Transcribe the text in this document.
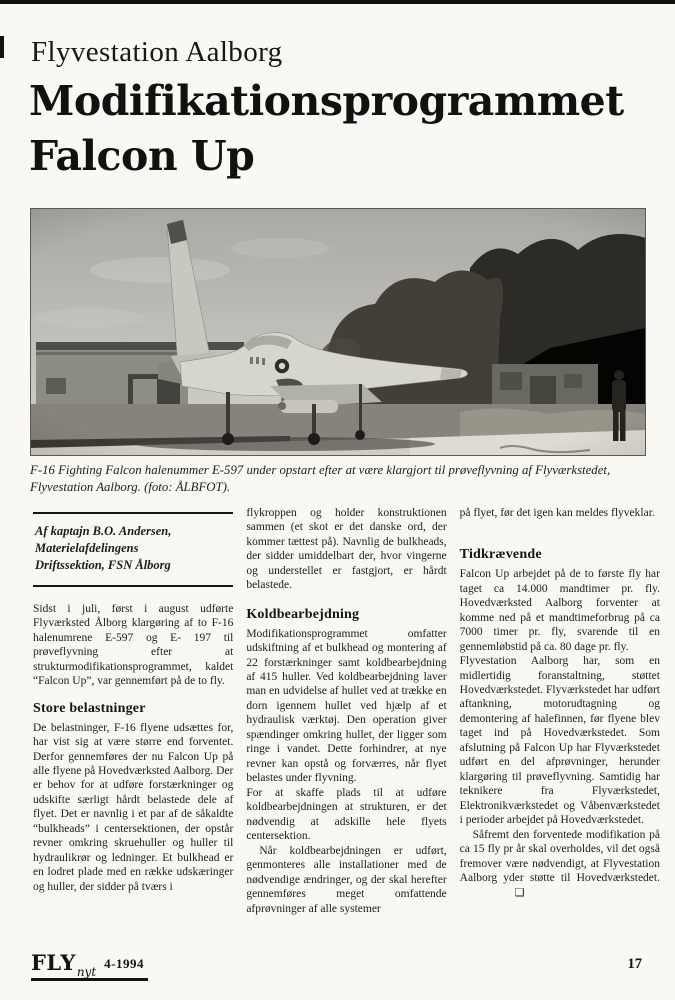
Flyvestation Aalborg
Modifikationsprogrammet
Falcon Up
F-16 Fighting Falcon halenummer E-597 under opstart efter at være klargjort til prøveflyvning af Flyværkstedet, Flyvestation Aalborg. (foto: ÅLBFOT).
Af kaptajn B.O. Andersen,
Materielafdelingens
Driftssektion, FSN Ålborg

Sidst i juli, først i august udførte Flyværksted Ålborg klargøring af to F-16 halenumrene E-597 og E- 197 til prøveflyvning efter at strukturmodifikationsprogrammet, kaldet “Falcon Up”, var gennemført på de to fly.

Store belastninger

De belastninger, F-16 flyene udsættes for, har vist sig at være større end forventet. Derfor gennemføres der nu Falcon Up på alle flyene på Hovedværksted Aalborg. Der er behov for at udføre forstærkninger og udskifte særligt hårdt belastede dele af flyet. Det er navnlig i et par af de såkaldte “bulkheads” i centersektionen, der opstår revner omkring skruehuller og huller til hydraulikrør og ledninger. Et bulkhead er en lodret plade med en række udskæringer og huller, der sidder på tværs i

flykroppen og holder konstruktionen sammen (et skot er det danske ord, der kommer tættest på). Navnlig de bulkheads, der sidder umiddelbart der, hvor vingerne og understellet er fastgjort, er hårdt belastede.

Koldbearbejdning

Modifikationsprogrammet omfatter udskiftning af et bulkhead og montering af 22 forstærkninger samt koldbearbejdning af 415 huller. Ved koldbearbejdning laver man en udvidelse af hullet ved at trække en dorn igennem hullet ved hjælp af et hydraulisk værktøj. Den operation giver spændinger omkring hullet, der ligger som ringe i vandet. Dette forhindrer, at nye revner kan opstå og forværres, når flyet belastes under flyvning.

For at skaffe plads til at udføre koldbearbejdningen at strukturen, er det nødvendig at adskille hele flyets centersektion.

Når koldbearbejdningen er udført, genmonteres alle installationer med de nødvendige ændringer, og der skal herefter gennemføres meget omfattende afprøvninger af alle systemer

på flyet, før det igen kan meldes flyveklar.

Tidkrævende

Falcon Up arbejdet på de to første fly har taget ca 14.000 mandtimer pr. fly. Hovedværksted Aalborg forventer at komme ned på et mandtimeforbrug på ca 7000 timer pr. fly, svarende til en gennemløbstid på ca. 80 dage pr. fly.

Flyvestation Aalborg har, som en midlertidig foranstaltning, støttet Hovedværkstedet. Flyværkstedet har udført aftankning, motorudtagning og demontering af halefinnen, før flyene blev taget ind på Hovedværkstedet. Som afslutning på Falcon Up har Flyværkstedet udført en del afprøvninger, herunder klargøring til prøveflyvning. Samtidig har teknikere fra Flyværkstedet, Elektronikværkstedet og Våbenværkstedet i perioder arbejdet på Hovedværkstedet.

Såfremt den forventede modifikation på ca 15 fly pr år skal overholdes, vil det også fremover være nødvendigt, at Flyvestation Aalborg yder støtte til Hovedværkstedet.❑

$FLY_{nyt}4-1994$	17
